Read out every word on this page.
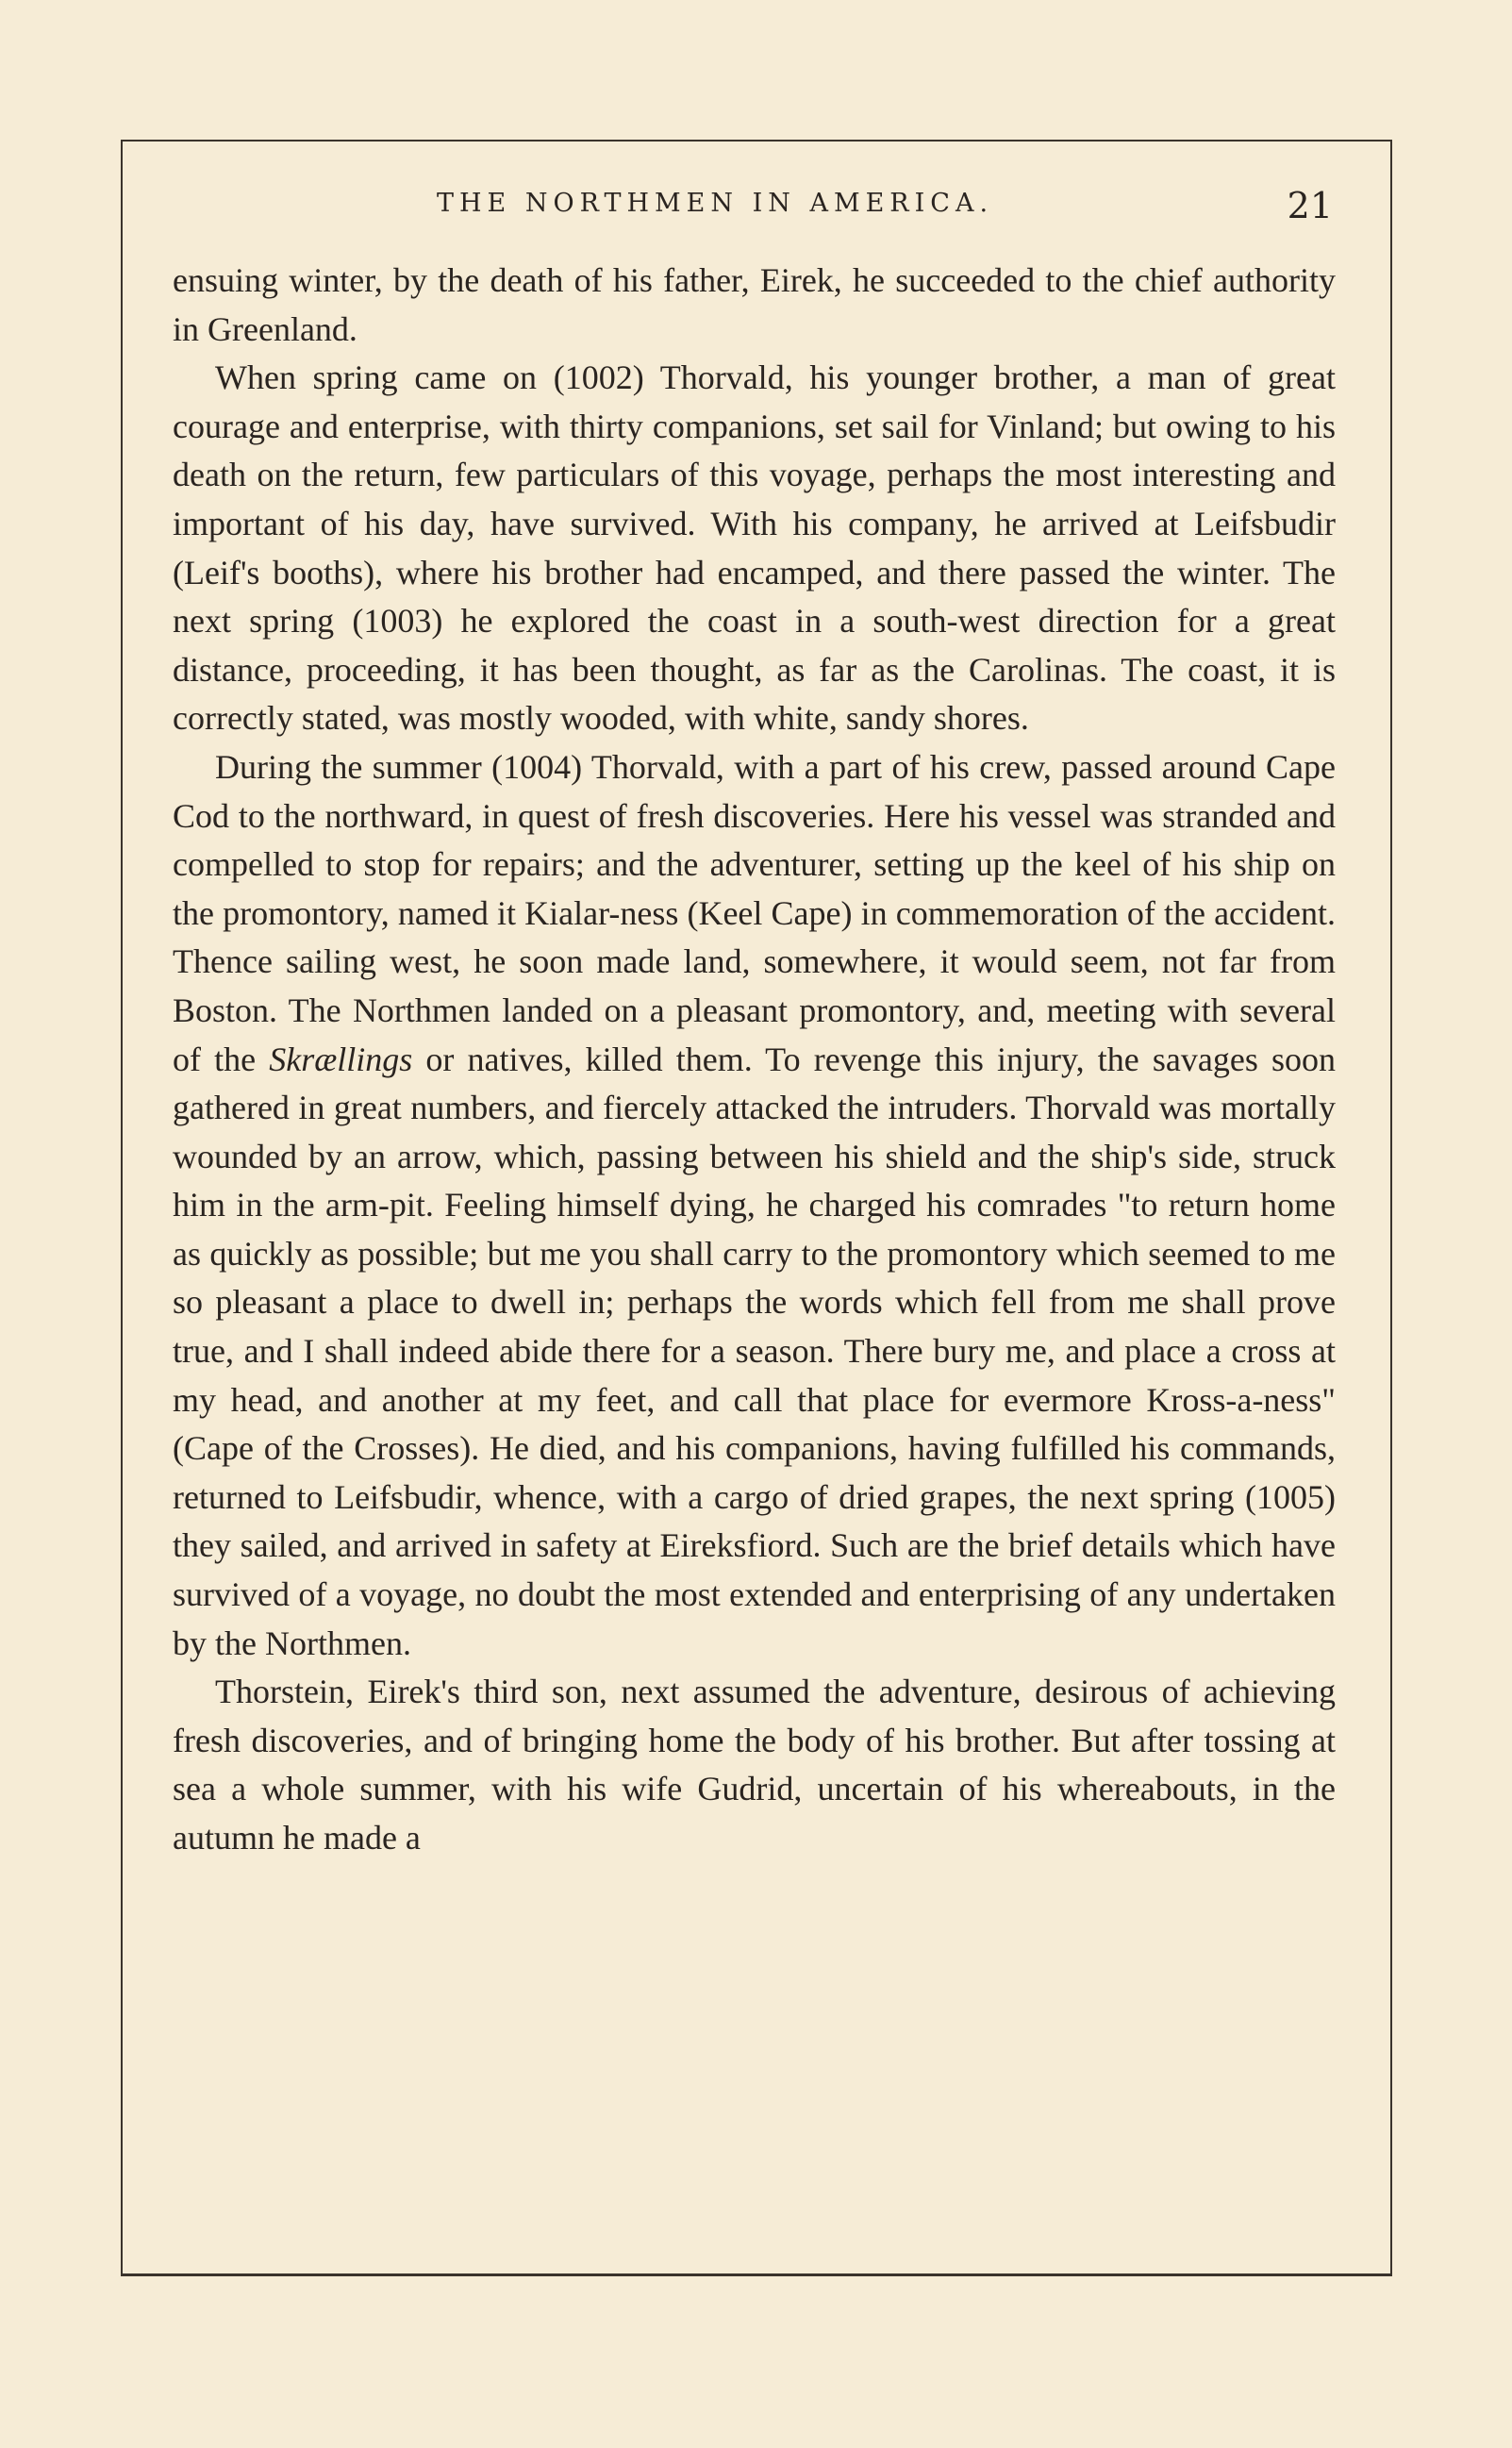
THE NORTHMEN IN AMERICA.	21

ensuing winter, by the death of his father, Eirek, he succeeded to the chief authority in Greenland.

When spring came on (1002) Thorvald, his younger brother, a man of great courage and enterprise, with thirty companions, set sail for Vinland; but owing to his death on the return, few particulars of this voyage, perhaps the most interesting and important of his day, have survived. With his company, he arrived at Leifsbudir (Leif's booths), where his brother had encamped, and there passed the winter. The next spring (1003) he explored the coast in a south-west direction for a great distance, proceeding, it has been thought, as far as the Carolinas. The coast, it is correctly stated, was mostly wooded, with white, sandy shores.

During the summer (1004) Thorvald, with a part of his crew, passed around Cape Cod to the northward, in quest of fresh discoveries. Here his vessel was stranded and compelled to stop for repairs; and the adventurer, setting up the keel of his ship on the promontory, named it Kialar-ness (Keel Cape) in commemoration of the accident. Thence sailing west, he soon made land, somewhere, it would seem, not far from Boston. The Northmen landed on a pleasant promontory, and, meeting with several of the Skrællings or natives, killed them. To revenge this injury, the savages soon gathered in great numbers, and fiercely attacked the intruders. Thorvald was mortally wounded by an arrow, which, passing between his shield and the ship's side, struck him in the arm-pit. Feeling himself dying, he charged his comrades "to return home as quickly as possible; but me you shall carry to the promontory which seemed to me so pleasant a place to dwell in; perhaps the words which fell from me shall prove true, and I shall indeed abide there for a season. There bury me, and place a cross at my head, and another at my feet, and call that place for evermore Kross-a-ness" (Cape of the Crosses). He died, and his companions, having fulfilled his commands, returned to Leifsbudir, whence, with a cargo of dried grapes, the next spring (1005) they sailed, and arrived in safety at Eireksfiord. Such are the brief details which have survived of a voyage, no doubt the most extended and enterprising of any undertaken by the Northmen.

Thorstein, Eirek's third son, next assumed the adventure, desirous of achieving fresh discoveries, and of bringing home the body of his brother. But after tossing at sea a whole summer, with his wife Gudrid, uncertain of his whereabouts, in the autumn he made a
